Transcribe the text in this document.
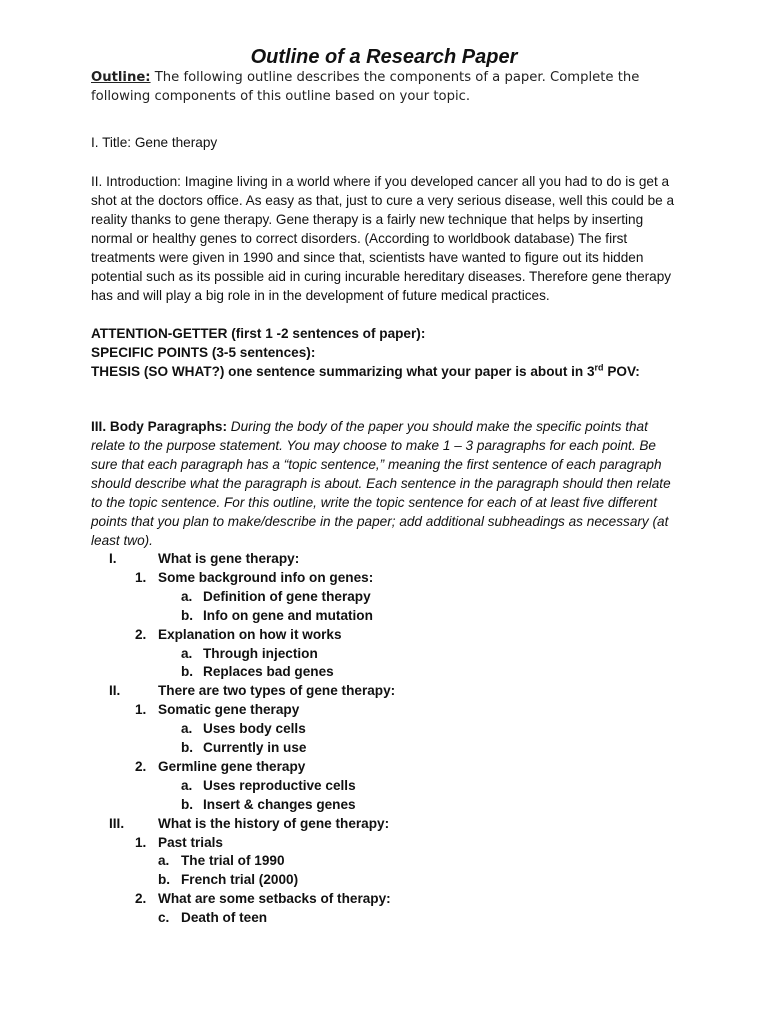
Outline of a Research Paper
Outline: The following outline describes the components of a paper. Complete the following components of this outline based on your topic.
I. Title: Gene therapy
II. Introduction: Imagine living in a world where if you developed cancer all you had to do is get a shot at the doctors office. As easy as that, just to cure a very serious disease, well this could be a reality thanks to gene therapy. Gene therapy is a fairly new technique that helps by inserting normal or healthy genes to correct disorders. (According to worldbook database) The first treatments were given in 1990 and since that, scientists have wanted to figure out its hidden potential such as its possible aid in curing incurable hereditary diseases. Therefore gene therapy has and will play a big role in in the development of future medical practices.
ATTENTION-GETTER (first 1 -2 sentences of paper):
SPECIFIC POINTS (3-5 sentences):
THESIS (SO WHAT?) one sentence summarizing what your paper is about in 3rd POV:
III. Body Paragraphs: During the body of the paper you should make the specific points that relate to the purpose statement. You may choose to make 1 – 3 paragraphs for each point. Be sure that each paragraph has a “topic sentence,” meaning the first sentence of each paragraph should describe what the paragraph is about. Each sentence in the paragraph should then relate to the topic sentence. For this outline, write the topic sentence for each of at least five different points that you plan to make/describe in the paper; add additional subheadings as necessary (at least two).
I.	What is gene therapy:
1. Some background info on genes:
a. Definition of gene therapy
b. Info on gene and mutation
2. Explanation on how it works
a. Through injection
b. Replaces bad genes
II.	There are two types of gene therapy:
1. Somatic gene therapy
a. Uses body cells
b. Currently in use
2. Germline gene therapy
a. Uses reproductive cells
b. Insert & changes genes
III. What is the history of gene therapy:
1. Past trials
a. The trial of 1990
b. French trial (2000)
2. What are some setbacks of therapy:
c. Death of teen
